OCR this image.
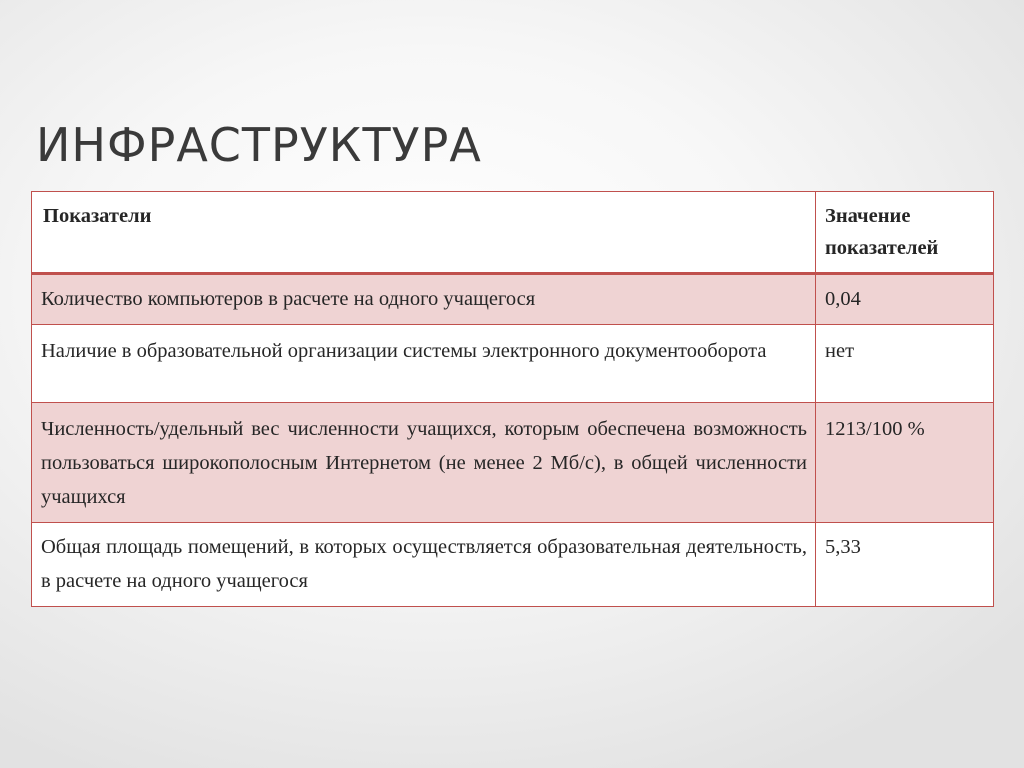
ИНФРАСТРУКТУРА
Показатели	Значение показателей
Количество компьютеров в расчете на одного учащегося	0,04
Наличие в образовательной организации системы электронного документооборота	нет
Численность/удельный вес численности учащихся, которым обеспечена возможность пользоваться широкополосным Интернетом (не менее 2 Мб/с), в общей численности учащихся	1213/100 %
Общая площадь помещений, в которых осуществляется образовательная деятельность, в расчете на одного учащегося	5,33
